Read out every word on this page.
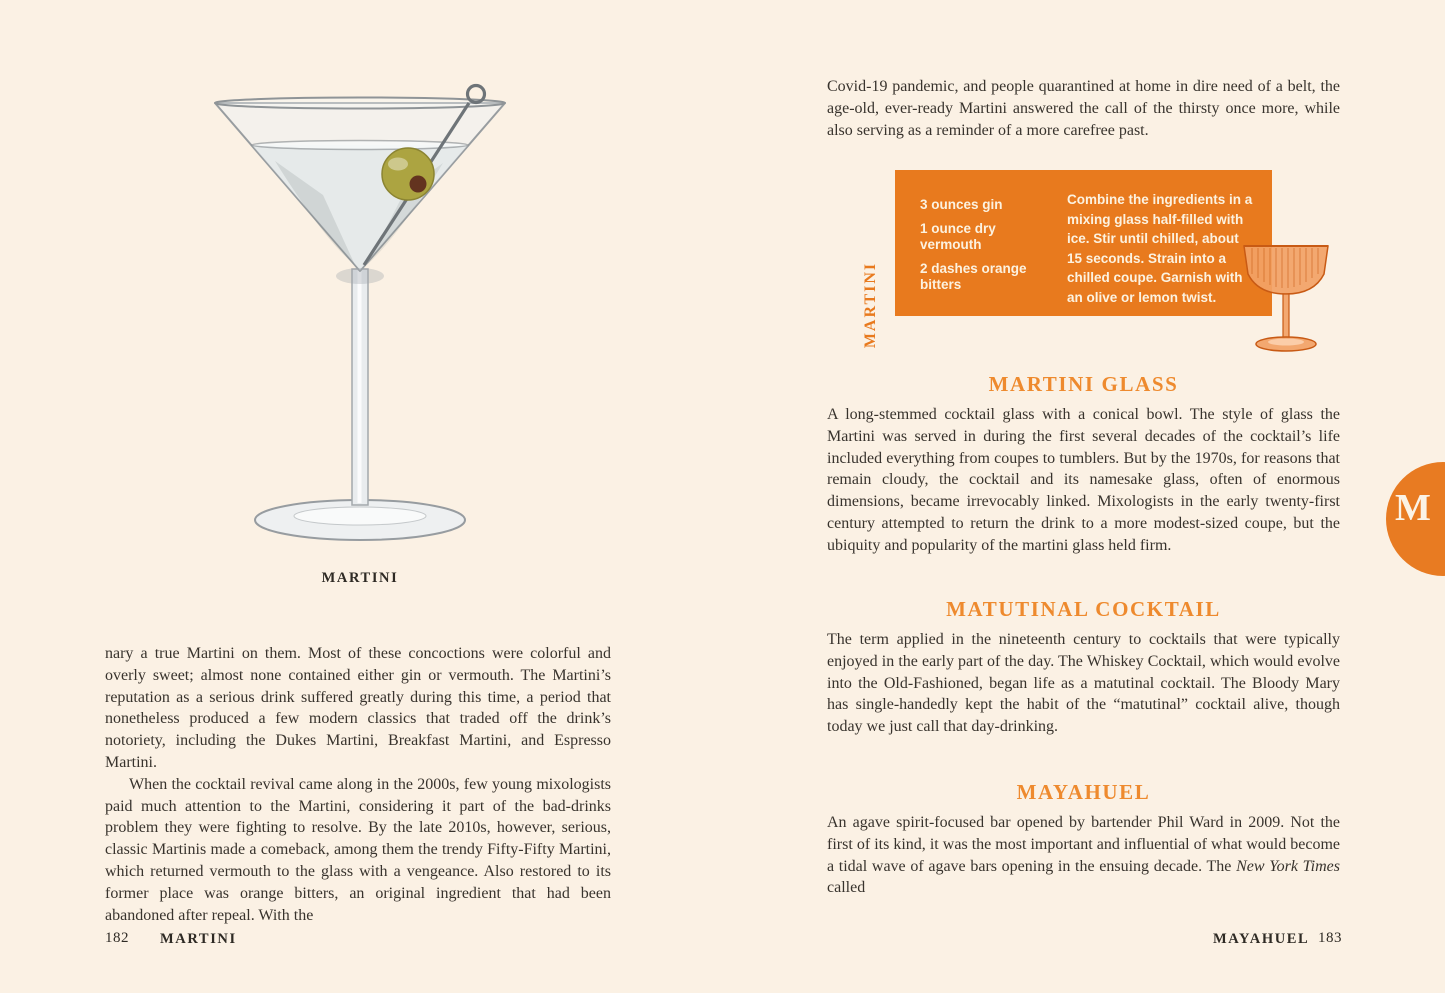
MARTINI

nary a true Martini on them. Most of these concoctions were colorful and overly sweet; almost none contained either gin or vermouth. The Martini’s reputation as a serious drink suffered greatly during this time, a period that nonetheless produced a few modern classics that traded off the drink’s notoriety, including the Dukes Martini, Breakfast Martini, and Espresso Martini.

When the cocktail revival came along in the 2000s, few young mixologists paid much attention to the Martini, considering it part of the bad-drinks problem they were fighting to resolve. By the late 2010s, however, serious, classic Martinis made a comeback, among them the trendy Fifty-Fifty Martini, which returned vermouth to the glass with a vengeance. Also restored to its former place was orange bitters, an original ingredient that had been abandoned after repeal. With the

182 MARTINI
Covid-19 pandemic, and people quarantined at home in dire need of a belt, the age-old, ever-ready Martini answered the call of the thirsty once more, while also serving as a reminder of a more carefree past.
3 ounces gin
1 ounce dry vermouth
2 dashes orange bitters
Combine the ingredients in a mixing glass half-filled with ice. Stir until chilled, about 15 seconds. Strain into a chilled coupe. Garnish with an olive or lemon twist.
MARTINI
MARTINI GLASS
A long-stemmed cocktail glass with a conical bowl. The style of glass the Martini was served in during the first several decades of the cocktail’s life included everything from coupes to tumblers. But by the 1970s, for reasons that remain cloudy, the cocktail and its namesake glass, often of enormous dimensions, became irrevocably linked. Mixologists in the early twenty-first century attempted to return the drink to a more modest-sized coupe, but the ubiquity and popularity of the martini glass held firm.
MATUTINAL COCKTAIL
The term applied in the nineteenth century to cocktails that were typically enjoyed in the early part of the day. The Whiskey Cocktail, which would evolve into the Old-Fashioned, began life as a matutinal cocktail. The Bloody Mary has single-handedly kept the habit of the “matutinal” cocktail alive, though today we just call that day-drinking.
MAYAHUEL
An agave spirit-focused bar opened by bartender Phil Ward in 2009. Not the first of its kind, it was the most important and influential of what would become a tidal wave of agave bars opening in the ensuing decade. The New York Times called
M
MAYAHUEL 183
